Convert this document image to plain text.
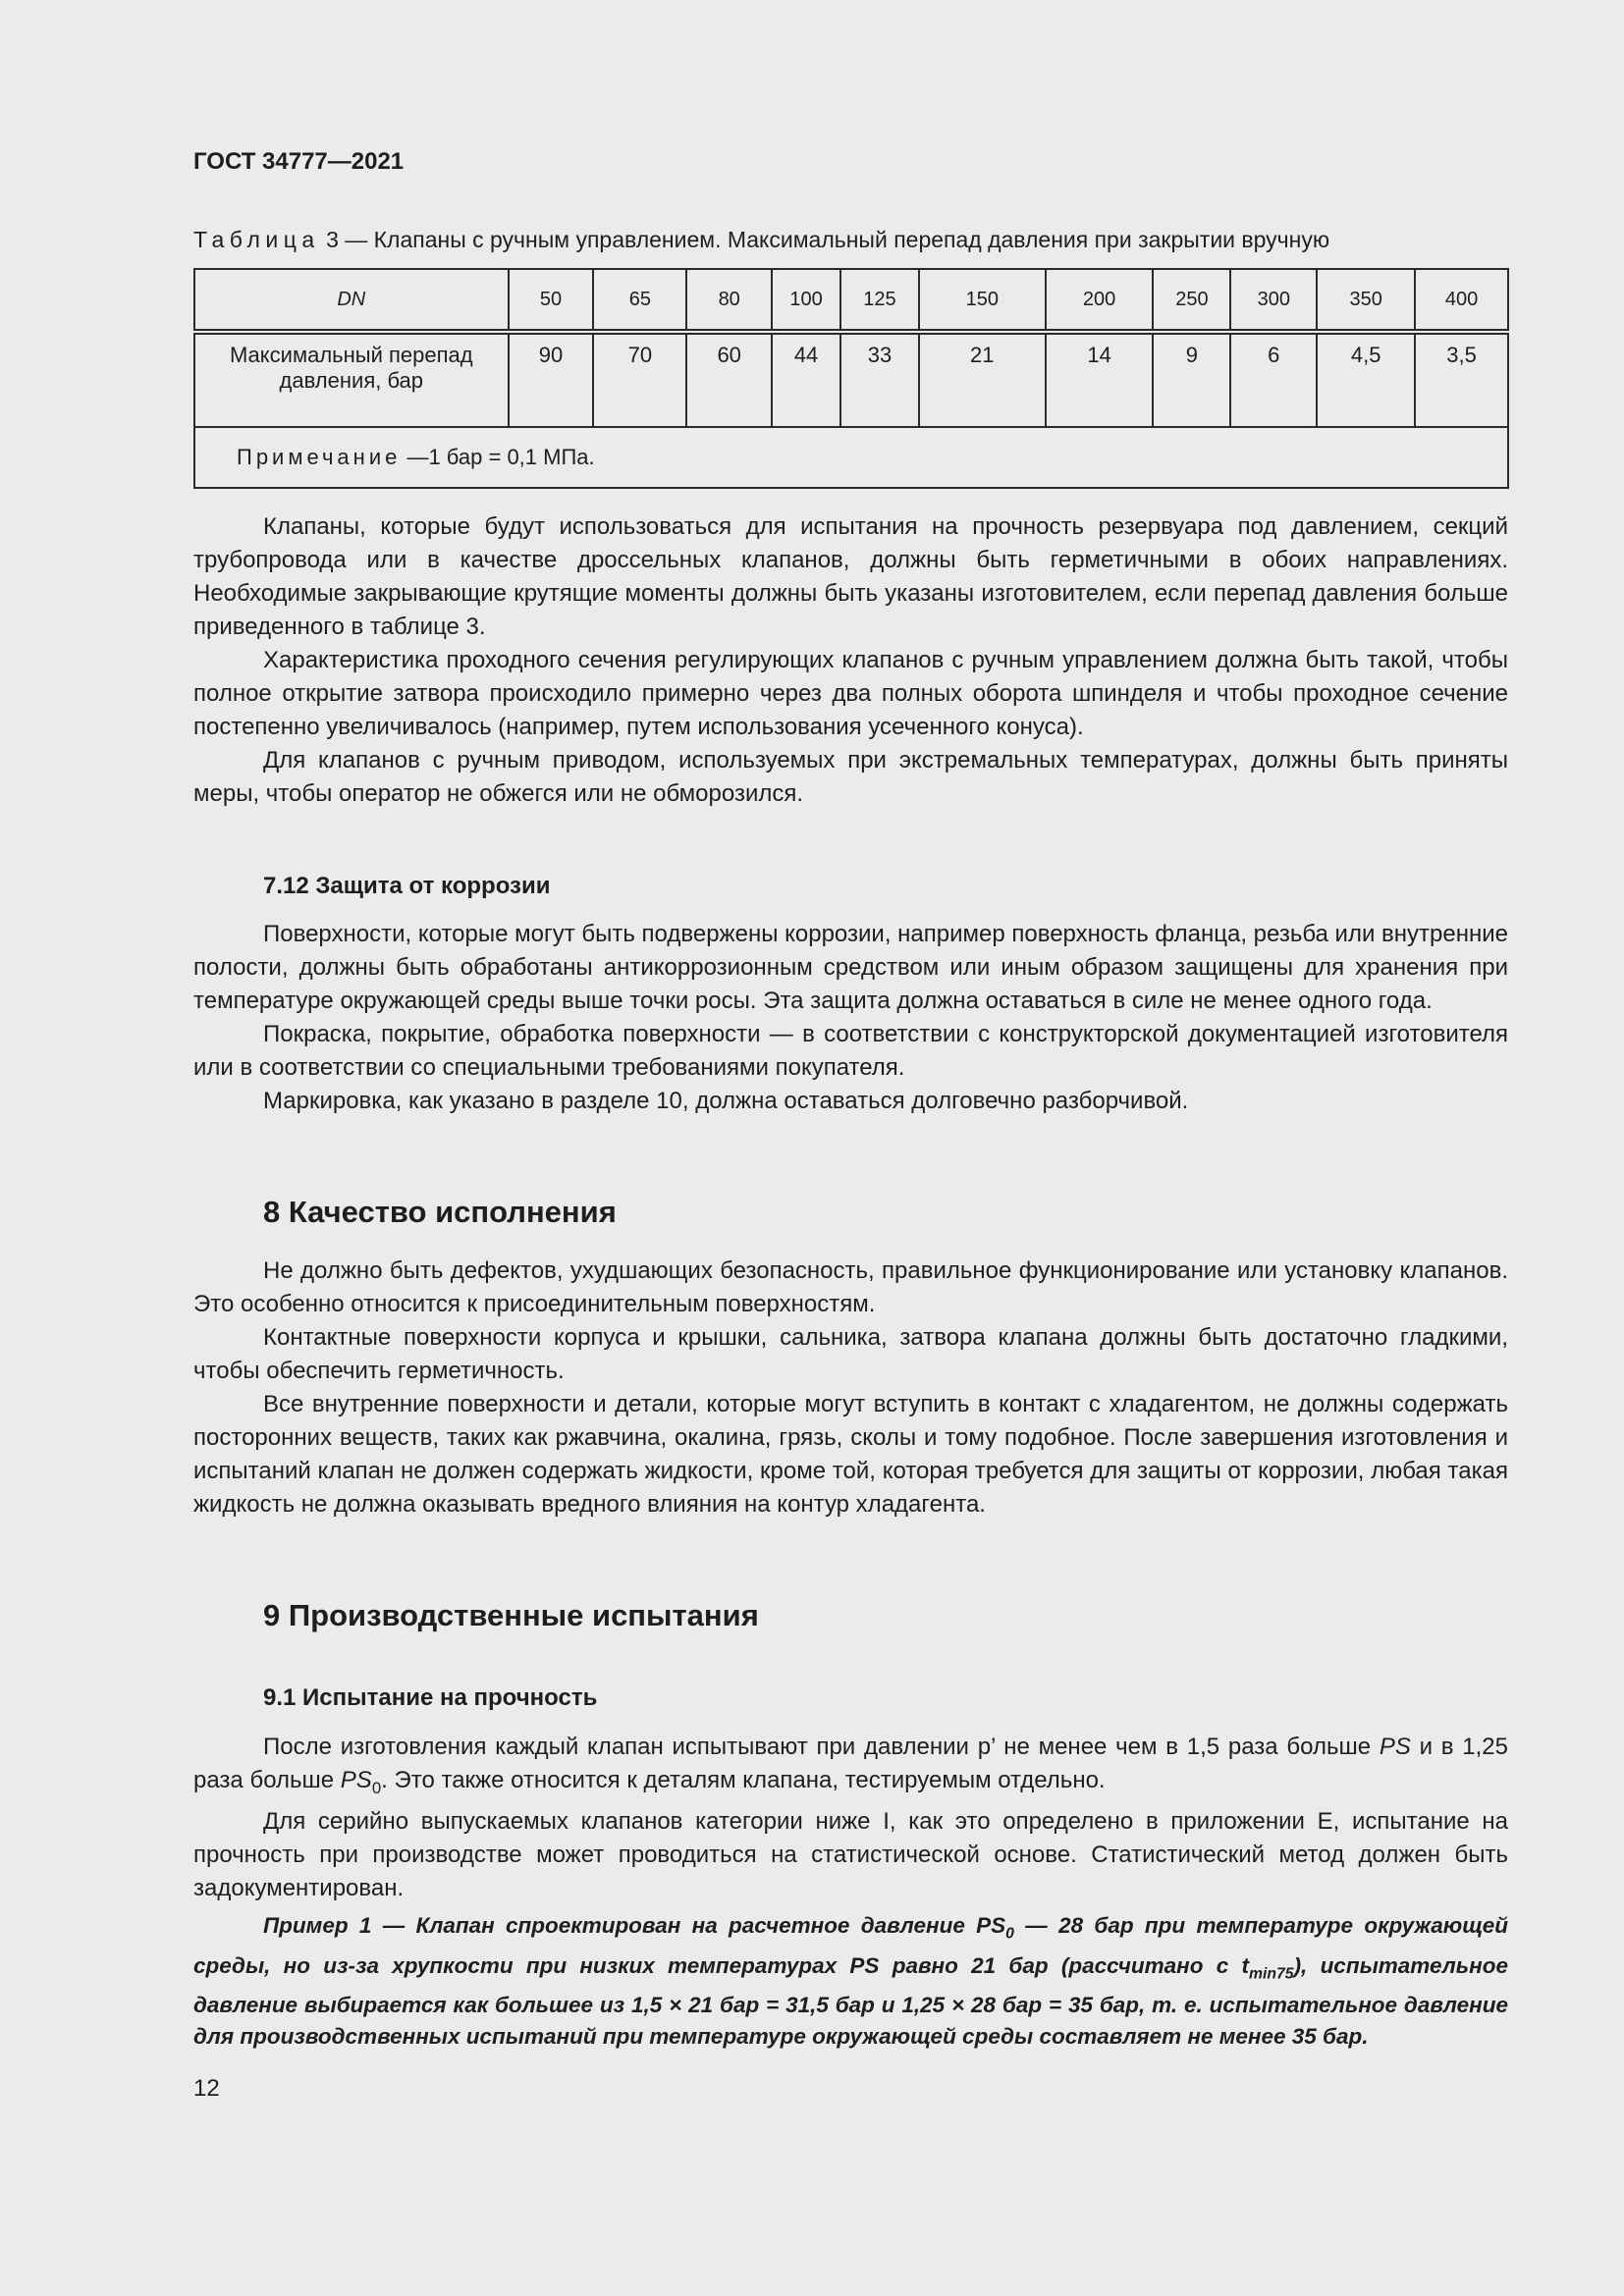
ГОСТ 34777—2021
Таблица 3 — Клапаны с ручным управлением. Максимальный перепад давления при закрытии вручную
DN	50	65	80	100	125	150	200	250	300	350	400
Максимальный перепад давления, бар	90	70	60	44	33	21	14	9	6	4,5	3,5
Примечание —1 бар = 0,1 МПа.											

Клапаны, которые будут использоваться для испытания на прочность резервуара под давлением, секций трубопровода или в качестве дроссельных клапанов, должны быть герметичными в обоих направлениях. Необходимые закрывающие крутящие моменты должны быть указаны изготовителем, если перепад давления больше приведенного в таблице 3.

Характеристика проходного сечения регулирующих клапанов с ручным управлением должна быть такой, чтобы полное открытие затвора происходило примерно через два полных оборота шпинделя и чтобы проходное сечение постепенно увеличивалось (например, путем использования усеченного конуса).

Для клапанов с ручным приводом, используемых при экстремальных температурах, должны быть приняты меры, чтобы оператор не обжегся или не обморозился.

7.12 Защита от коррозии

Поверхности, которые могут быть подвержены коррозии, например поверхность фланца, резьба или внутренние полости, должны быть обработаны антикоррозионным средством или иным образом защищены для хранения при температуре окружающей среды выше точки росы. Эта защита должна оставаться в силе не менее одного года.

Покраска, покрытие, обработка поверхности — в соответствии с конструкторской документацией изготовителя или в соответствии со специальными требованиями покупателя.

Маркировка, как указано в разделе 10, должна оставаться долговечно разборчивой.

8 Качество исполнения

Не должно быть дефектов, ухудшающих безопасность, правильное функционирование или установку клапанов. Это особенно относится к присоединительным поверхностям.

Контактные поверхности корпуса и крышки, сальника, затвора клапана должны быть достаточно гладкими, чтобы обеспечить герметичность.

Все внутренние поверхности и детали, которые могут вступить в контакт с хладагентом, не должны содержать посторонних веществ, таких как ржавчина, окалина, грязь, сколы и тому подобное. После завершения изготовления и испытаний клапан не должен содержать жидкости, кроме той, которая требуется для защиты от коррозии, любая такая жидкость не должна оказывать вредного влияния на контур хладагента.

9 Производственные испытания
9.1 Испытание на прочность

После изготовления каждый клапан испытывают при давлении p’ не менее чем в 1,5 раза больше PS и в 1,25 раза больше $PS_0$. Это также относится к деталям клапана, тестируемым отдельно.

Для серийно выпускаемых клапанов категории ниже I, как это определено в приложении Е, испытание на прочность при производстве может проводиться на статистической основе. Статистический метод должен быть задокументирован.

Пример 1 — Клапан спроектирован на расчетное давление $PS_0$ — 28 бар при температуре окружающей среды, но из-за хрупкости при низких температурах PS равно 21 бар (рассчитано с $t_{min75}$), испытательное давление выбирается как большее из 1,5 × 21 бар = 31,5 бар и 1,25 × 28 бар = 35 бар, т. е. испытательное давление для производственных испытаний при температуре окружающей среды составляет не менее 35 бар.

12
